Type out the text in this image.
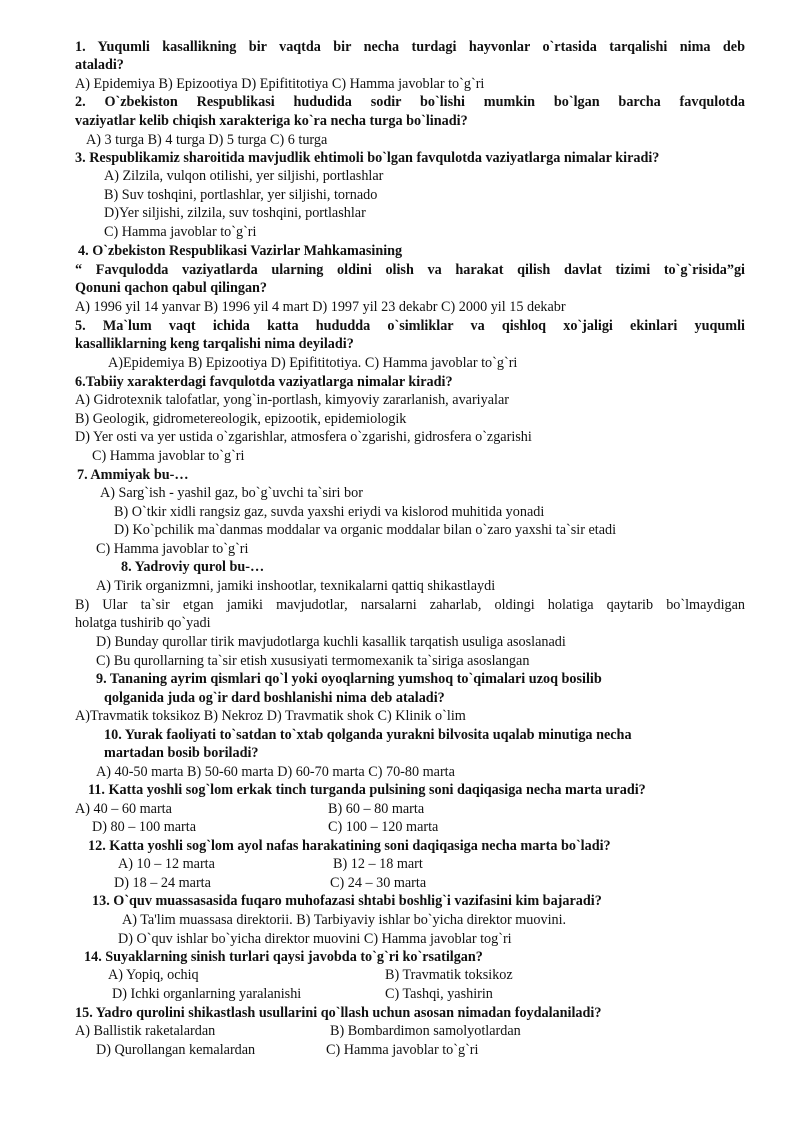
1. Yuqumli kasallikning bir vaqtda bir necha turdagi hayvonlar o`rtasida tarqalishi nima deb
ataladi?
A) Epidemiya B) Epizootiya D) Epifititotiya C) Hamma javoblar to`g`ri
2. O`zbekiston Respublikasi hududida sodir bo`lishi mumkin bo`lgan barcha favqulotda
vaziyatlar kelib chiqish xarakteriga ko`ra necha turga bo`linadi?
A) 3 turga B) 4 turga D) 5 turga C) 6 turga
3. Respublikamiz sharoitida mavjudlik ehtimoli bo`lgan favqulotda vaziyatlarga nimalar kiradi?
A) Zilzila, vulqon otilishi, yer siljishi, portlashlar
B) Suv toshqini, portlashlar, yer siljishi, tornado
D)Yer siljishi, zilzila, suv toshqini, portlashlar
C) Hamma javoblar to`g`ri
4. O`zbekiston Respublikasi Vazirlar Mahkamasining
“ Favqulodda vaziyatlarda ularning oldini olish va harakat qilish davlat tizimi to`g`risida”gi
Qonuni qachon qabul qilingan?
A) 1996 yil 14 yanvar B) 1996 yil 4 mart D) 1997 yil 23 dekabr C) 2000 yil 15 dekabr
5. Ma`lum vaqt ichida katta hududda o`simliklar va qishloq xo`jaligi ekinlari yuqumli
kasalliklarning keng tarqalishi nima deyiladi?
A)Epidemiya B) Epizootiya D) Epifititotiya. C) Hamma javoblar to`g`ri
6.Tabiiy xarakterdagi favqulotda vaziyatlarga nimalar kiradi?
A) Gidrotexnik talofatlar, yong`in-portlash, kimyoviy zararlanish, avariyalar
B) Geologik, gidrometereologik, epizootik, epidemiologik
D) Yer osti va yer ustida o`zgarishlar, atmosfera o`zgarishi, gidrosfera o`zgarishi
C) Hamma javoblar to`g`ri
7. Ammiyak bu-…
A) Sarg`ish - yashil gaz, bo`g`uvchi ta`siri bor
B) O`tkir xidli rangsiz gaz, suvda yaxshi eriydi va kislorod muhitida yonadi
D) Ko`pchilik ma`danmas moddalar va organic moddalar bilan o`zaro yaxshi ta`sir etadi
C) Hamma javoblar to`g`ri
8. Yadroviy qurol bu-…
A) Tirik organizmni, jamiki inshootlar, texnikalarni qattiq shikastlaydi
B) Ular ta`sir etgan jamiki mavjudotlar, narsalarni zaharlab, oldingi holatiga qaytarib bo`lmaydigan
holatga tushirib qo`yadi
D) Bunday qurollar tirik mavjudotlarga kuchli kasallik tarqatish usuliga asoslanadi
C) Bu qurollarning ta`sir etish xususiyati termomexanik ta`siriga asoslangan
9. Tananing ayrim qismlari qo`l yoki oyoqlarning yumshoq to`qimalari uzoq bosilib
qolganida juda og`ir dard boshlanishi nima deb ataladi?
A)Travmatik toksikoz B) Nekroz D) Travmatik shok C) Klinik o`lim
10. Yurak faoliyati to`satdan to`xtab qolganda yurakni bilvosita uqalab minutiga necha
martadan bosib boriladi?
A) 40-50 marta B) 50-60 marta D) 60-70 marta C) 70-80 marta
11. Katta yoshli sog`lom erkak tinch turganda pulsining soni daqiqasiga necha marta uradi?
A) 40 – 60 marta	B) 60 – 80 marta
D) 80 – 100 marta	C) 100 – 120 marta
12. Katta yoshli sog`lom ayol nafas harakatining soni daqiqasiga necha marta bo`ladi?
A) 10 – 12 marta	B) 12 – 18 mart
D) 18 – 24 marta	C) 24 – 30 marta
13. O`quv muassasasida fuqaro muhofazasi shtabi boshlig`i vazifasini kim bajaradi?
A) Ta'lim muassasa direktorii. B) Tarbiyaviy ishlar bo`yicha direktor muovini.
D) O`quv ishlar bo`yicha direktor muovini C) Hamma javoblar tog`ri
14. Suyaklarning sinish turlari qaysi javobda to`g`ri ko`rsatilgan?
A) Yopiq, ochiq	B) Travmatik toksikoz
D) Ichki organlarning yaralanishi	C) Tashqi, yashirin
15. Yadro qurolini shikastlash usullarini qo`llash uchun asosan nimadan foydalaniladi?
A) Ballistik raketalardan	B) Bombardimon samolyotlardan
D) Qurollangan kemalardan	C) Hamma javoblar to`g`ri
